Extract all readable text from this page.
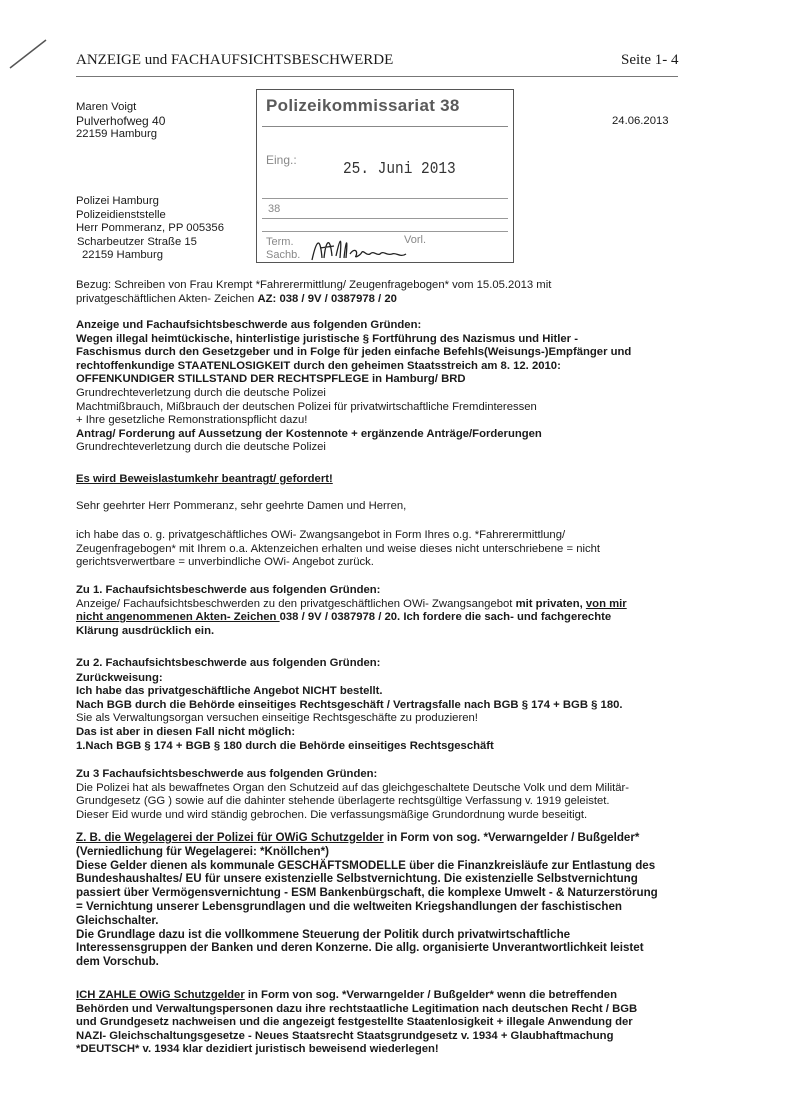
ANZEIGE und FACHAUFSICHTSBESCHWERDE	Seite 1- 4
Maren Voigt
Pulverhofweg 40
22159 Hamburg
24.06.2013
Polizeikommissariat 38
Eing.:	25. Juni 2013
38
Term.	Vorl.
Sachb.
Polizei Hamburg
Polizeidienststelle
Herr Pommeranz, PP 005356
Scharbeutzer Straße 15
22159 Hamburg
Bezug: Schreiben von Frau Krempt *Fahrerermittlung/ Zeugenfragebogen* vom 15.05.2013 mit
privatgeschäftlichen Akten- Zeichen AZ: 038 / 9V / 0387978 / 20
Anzeige und Fachaufsichtsbeschwerde aus folgenden Gründen:
Wegen illegal heimtückische, hinterlistige juristische § Fortführung des Nazismus und Hitler -
Faschismus durch den Gesetzgeber und in Folge für jeden einfache Befehls(Weisungs-)Empfänger und
rechtoffenkundige STAATENLOSIGKEIT durch den geheimen Staatsstreich am 8. 12. 2010:
OFFENKUNDIGER STILLSTAND DER RECHTSPFLEGE in Hamburg/ BRD
Grundrechteverletzung durch die deutsche Polizei
Machtmißbrauch, Mißbrauch der deutschen Polizei für privatwirtschaftliche Fremdinteressen
+ Ihre gesetzliche Remonstrationspflicht dazu!
Antrag/ Forderung auf Aussetzung der Kostennote + ergänzende Anträge/Forderungen
Grundrechteverletzung durch die deutsche Polizei
Es wird Beweislastumkehr beantragt/ gefordert!
Sehr geehrter Herr Pommeranz, sehr geehrte Damen und Herren,
ich habe das o. g. privatgeschäftliches OWi- Zwangsangebot in Form Ihres o.g. *Fahrerermittlung/
Zeugenfragebogen* mit Ihrem o.a. Aktenzeichen erhalten und weise dieses nicht unterschriebene = nicht
gerichtsverwertbare = unverbindliche OWi- Angebot zurück.
Zu 1. Fachaufsichtsbeschwerde aus folgenden Gründen:
Anzeige/ Fachaufsichtsbeschwerden zu den privatgeschäftlichen OWi- Zwangsangebot mit privaten, von mir
nicht angenommenen Akten- Zeichen 038 / 9V / 0387978 / 20. Ich fordere die sach- und fachgerechte
Klärung ausdrücklich ein.
Zu 2. Fachaufsichtsbeschwerde aus folgenden Gründen:
Zurückweisung:
Ich habe das privatgeschäftliche Angebot NICHT bestellt.
Nach BGB durch die Behörde einseitiges Rechtsgeschäft / Vertragsfalle nach BGB § 174 + BGB § 180.
Sie als Verwaltungsorgan versuchen einseitige Rechtsgeschäfte zu produzieren!
Das ist aber in diesen Fall nicht möglich:
1.Nach BGB § 174 + BGB § 180 durch die Behörde einseitiges Rechtsgeschäft
Zu 3 Fachaufsichtsbeschwerde aus folgenden Gründen:
Die Polizei hat als bewaffnetes Organ den Schutzeid auf das gleichgeschaltete Deutsche Volk und dem Militär-
Grundgesetz (GG ) sowie auf die dahinter stehende überlagerte rechtsgültige Verfassung v. 1919 geleistet.
Dieser Eid wurde und wird ständig gebrochen. Die verfassungsmäßige Grundordnung wurde beseitigt.
Z. B. die Wegelagerei der Polizei für OWiG Schutzgelder in Form von sog. *Verwarngelder / Bußgelder*
(Verniedlichung für Wegelagerei: *Knöllchen*)
Diese Gelder dienen als kommunale GESCHÄFTSMODELLE über die Finanzkreisläufe zur Entlastung des
Bundeshaushaltes/ EU für unsere existenzielle Selbstvernichtung. Die existenzielle Selbstvernichtung
passiert über Vermögensvernichtung - ESM Bankenbürgschaft, die komplexe Umwelt - & Naturzerstörung
= Vernichtung unserer Lebensgrundlagen und die weltweiten Kriegshandlungen der faschistischen
Gleichschalter.
Die Grundlage dazu ist die vollkommene Steuerung der Politik durch privatwirtschaftliche
Interessensgruppen der Banken und deren Konzerne. Die allg. organisierte Unverantwortlichkeit leistet
dem Vorschub.
ICH ZAHLE OWiG Schutzgelder in Form von sog. *Verwarngelder / Bußgelder* wenn die betreffenden
Behörden und Verwaltungspersonen dazu ihre rechtstaatliche Legitimation nach deutschen Recht / BGB
und Grundgesetz nachweisen und die angezeigt festgestellte Staatenlosigkeit + illegale Anwendung der
NAZI- Gleichschaltungsgesetze - Neues Staatsrecht Staatsgrundgesetz v. 1934 + Glaubhaftmachung
*DEUTSCH* v. 1934 klar dezidiert juristisch beweisend wiederlegen!
